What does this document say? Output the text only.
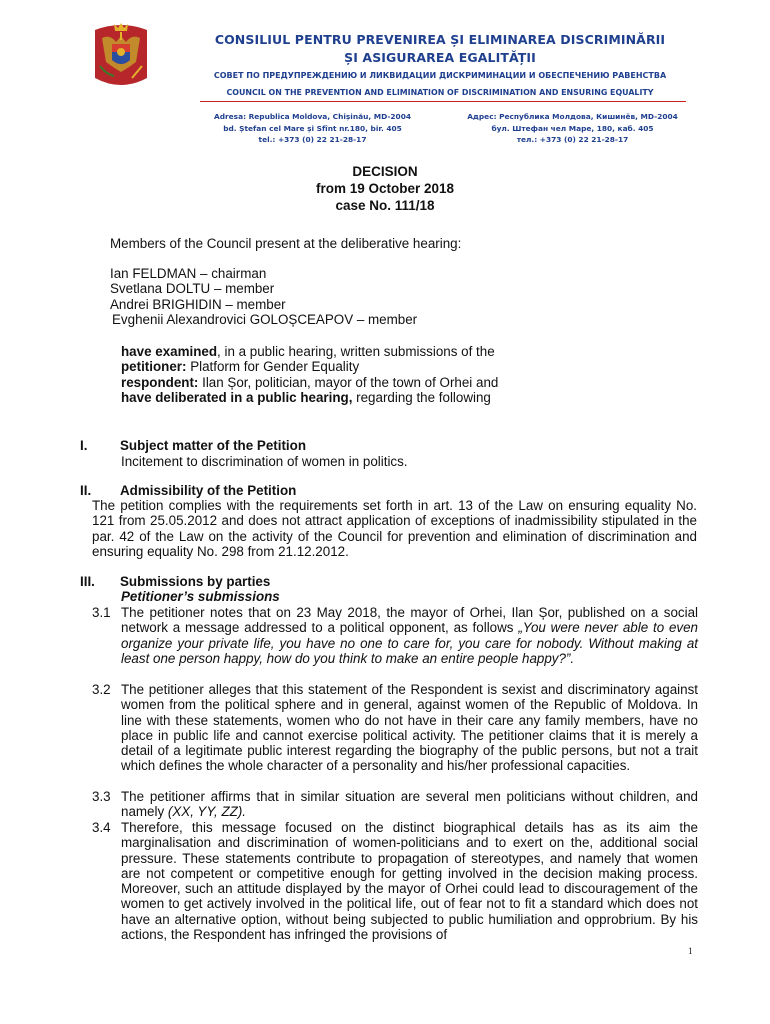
CONSILIUL PENTRU PREVENIREA ȘI ELIMINAREA DISCRIMINĂRII
ȘI ASIGURAREA EGALITĂȚII
СОВЕТ ПО ПРЕДУПРЕЖДЕНИЮ И ЛИКВИДАЦИИ ДИСКРИМИНАЦИИ И ОБЕСПЕЧЕНИЮ РАВЕНСТВА
COUNCIL ON THE PREVENTION AND ELIMINATION OF DISCRIMINATION AND ENSURING EQUALITY
Adresa: Republica Moldova, Chișinău, MD-2004
bd. Ștefan cel Mare și Sfînt nr.180, bir. 405
tel.: +373 (0) 22 21-28-17
Адрес: Республика Молдова, Кишинёв, MD-2004
бул. Штефан чел Маре, 180, каб. 405
тел.: +373 (0) 22 21-28-17
DECISION
from 19 October 2018
case No. 111/18
Members of the Council present at the deliberative hearing:
Ian FELDMAN – chairman
Svetlana DOLTU – member
Andrei BRIGHIDIN – member
Evghenii Alexandrovici GOLOȘCEAPOV – member
have examined, in a public hearing, written submissions of the
petitioner: Platform for Gender Equality
respondent: Ilan Șor, politician, mayor of the town of Orhei and
have deliberated in a public hearing, regarding the following
I. Subject matter of the Petition
Incitement to discrimination of women in politics.
II. Admissibility of the Petition
The petition complies with the requirements set forth in art. 13 of the Law on ensuring equality No. 121 from 25.05.2012 and does not attract application of exceptions of inadmissibility stipulated in the par. 42 of the Law on the activity of the Council for prevention and elimination of discrimination and ensuring equality No. 298 from 21.12.2012.
III. Submissions by parties
Petitioner’s submissions
3.1 The petitioner notes that on 23 May 2018, the mayor of Orhei, Ilan Șor, published on a social network a message addressed to a political opponent, as follows „You were never able to even organize your private life, you have no one to care for, you care for nobody. Without making at least one person happy, how do you think to make an entire people happy?”.
3.2 The petitioner alleges that this statement of the Respondent is sexist and discriminatory against women from the political sphere and in general, against women of the Republic of Moldova. In line with these statements, women who do not have in their care any family members, have no place in public life and cannot exercise political activity. The petitioner claims that it is merely a detail of a legitimate public interest regarding the biography of the public persons, but not a trait which defines the whole character of a personality and his/her professional capacities.
3.3 The petitioner affirms that in similar situation are several men politicians without children, and namely (XX, YY, ZZ).
3.4 Therefore, this message focused on the distinct biographical details has as its aim the marginalisation and discrimination of women-politicians and to exert on the, additional social pressure. These statements contribute to propagation of stereotypes, and namely that women are not competent or competitive enough for getting involved in the decision making process. Moreover, such an attitude displayed by the mayor of Orhei could lead to discouragement of the women to get actively involved in the political life, out of fear not to fit a standard which does not have an alternative option, without being subjected to public humiliation and opprobrium. By his actions, the Respondent has infringed the provisions of
1
